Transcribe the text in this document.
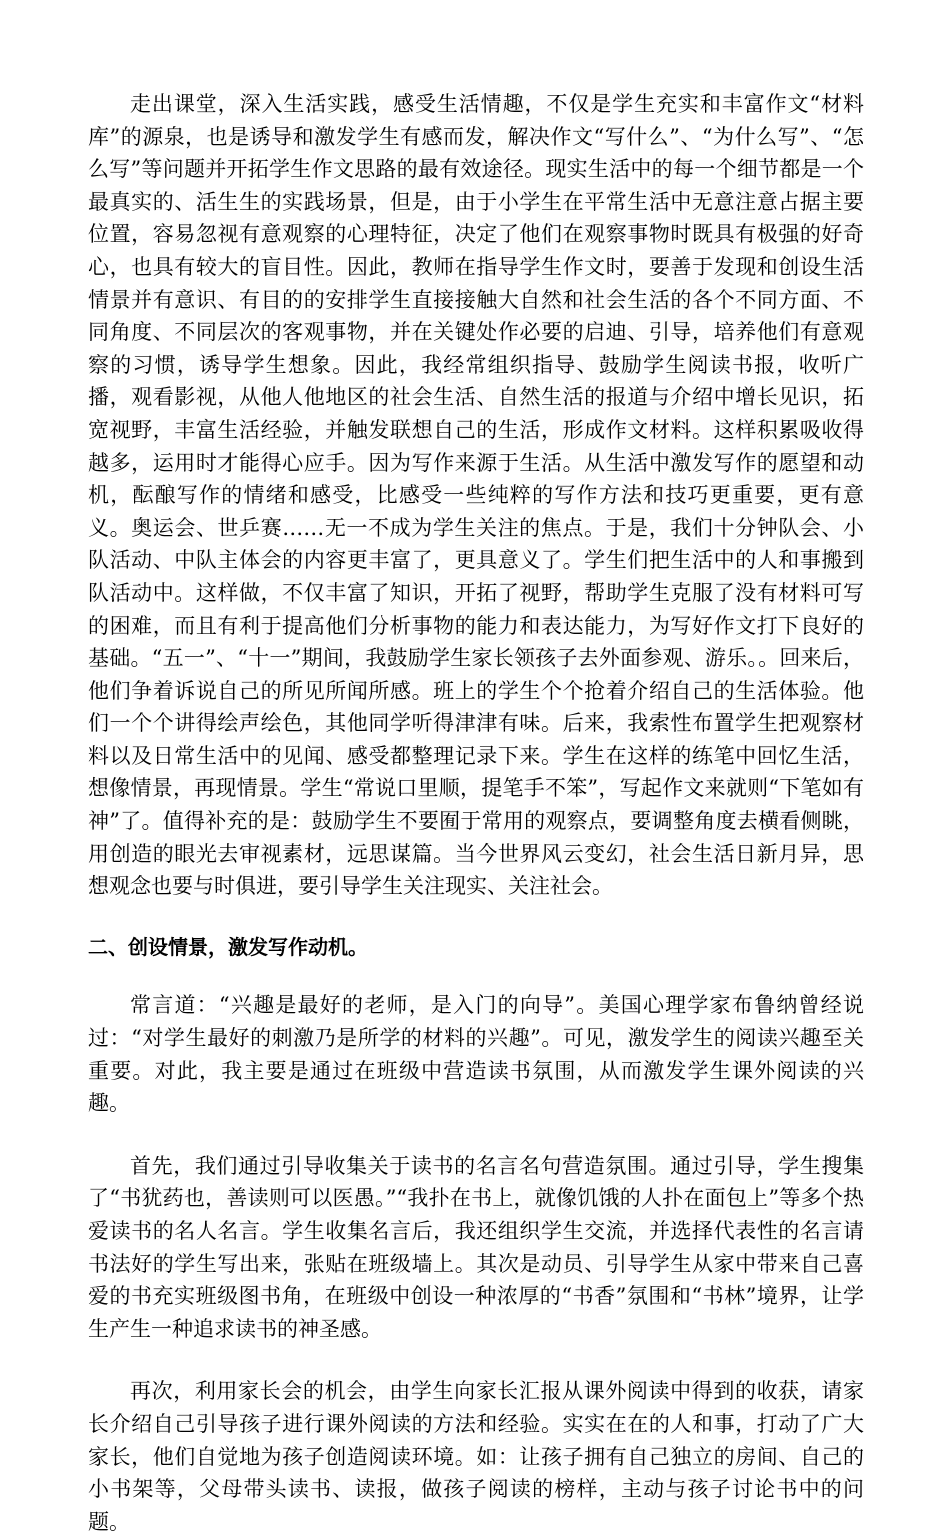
走出课堂，深入生活实践，感受生活情趣，不仅是学生充实和丰富作文“材料库”的源泉，也是诱导和激发学生有感而发，解决作文“写什么”、“为什么写”、“怎么写”等问题并开拓学生作文思路的最有效途径。现实生活中的每一个细节都是一个最真实的、活生生的实践场景，但是，由于小学生在平常生活中无意注意占据主要位置，容易忽视有意观察的心理特征，决定了他们在观察事物时既具有极强的好奇心，也具有较大的盲目性。因此，教师在指导学生作文时，要善于发现和创设生活情景并有意识、有目的的安排学生直接接触大自然和社会生活的各个不同方面、不同角度、不同层次的客观事物，并在关键处作必要的启迪、引导，培养他们有意观察的习惯，诱导学生想象。因此，我经常组织指导、鼓励学生阅读书报，收听广播，观看影视，从他人他地区的社会生活、自然生活的报道与介绍中增长见识，拓宽视野，丰富生活经验，并触发联想自己的生活，形成作文材料。这样积累吸收得越多，运用时才能得心应手。因为写作来源于生活。从生活中激发写作的愿望和动机，酝酿写作的情绪和感受，比感受一些纯粹的写作方法和技巧更重要，更有意义。奥运会、世乒赛……无一不成为学生关注的焦点。于是，我们十分钟队会、小队活动、中队主体会的内容更丰富了，更具意义了。学生们把生活中的人和事搬到队活动中。这样做，不仅丰富了知识，开拓了视野，帮助学生克服了没有材料可写的困难，而且有利于提高他们分析事物的能力和表达能力，为写好作文打下良好的基础。“五一”、“十一”期间，我鼓励学生家长领孩子去外面参观、游乐。。回来后，他们争着诉说自己的所见所闻所感。班上的学生个个抢着介绍自己的生活体验。他们一个个讲得绘声绘色，其他同学听得津津有味。后来，我索性布置学生把观察材料以及日常生活中的见闻、感受都整理记录下来。学生在这样的练笔中回忆生活，想像情景，再现情景。学生“常说口里顺，提笔手不笨”，写起作文来就则“下笔如有神”了。值得补充的是：鼓励学生不要囿于常用的观察点，要调整角度去横看侧眺，用创造的眼光去审视素材，远思谋篇。当今世界风云变幻，社会生活日新月异，思想观念也要与时俱进，要引导学生关注现实、关注社会。

二、创设情景，激发写作动机。

常言道：“兴趣是最好的老师，是入门的向导”。美国心理学家布鲁纳曾经说过：“对学生最好的刺激乃是所学的材料的兴趣”。可见，激发学生的阅读兴趣至关重要。对此，我主要是通过在班级中营造读书氛围，从而激发学生课外阅读的兴趣。

首先，我们通过引导收集关于读书的名言名句营造氛围。通过引导，学生搜集了“书犹药也，善读则可以医愚。”“我扑在书上，就像饥饿的人扑在面包上”等多个热爱读书的名人名言。学生收集名言后，我还组织学生交流，并选择代表性的名言请书法好的学生写出来，张贴在班级墙上。其次是动员、引导学生从家中带来自己喜爱的书充实班级图书角，在班级中创设一种浓厚的“书香”氛围和“书林”境界，让学生产生一种追求读书的神圣感。

再次，利用家长会的机会，由学生向家长汇报从课外阅读中得到的收获，请家长介绍自己引导孩子进行课外阅读的方法和经验。实实在在的人和事，打动了广大家长，他们自觉地为孩子创造阅读环境。如：让孩子拥有自己独立的房间、自己的小书架等，父母带头读书、读报，做孩子阅读的榜样，主动与孩子讨论书中的问题。
